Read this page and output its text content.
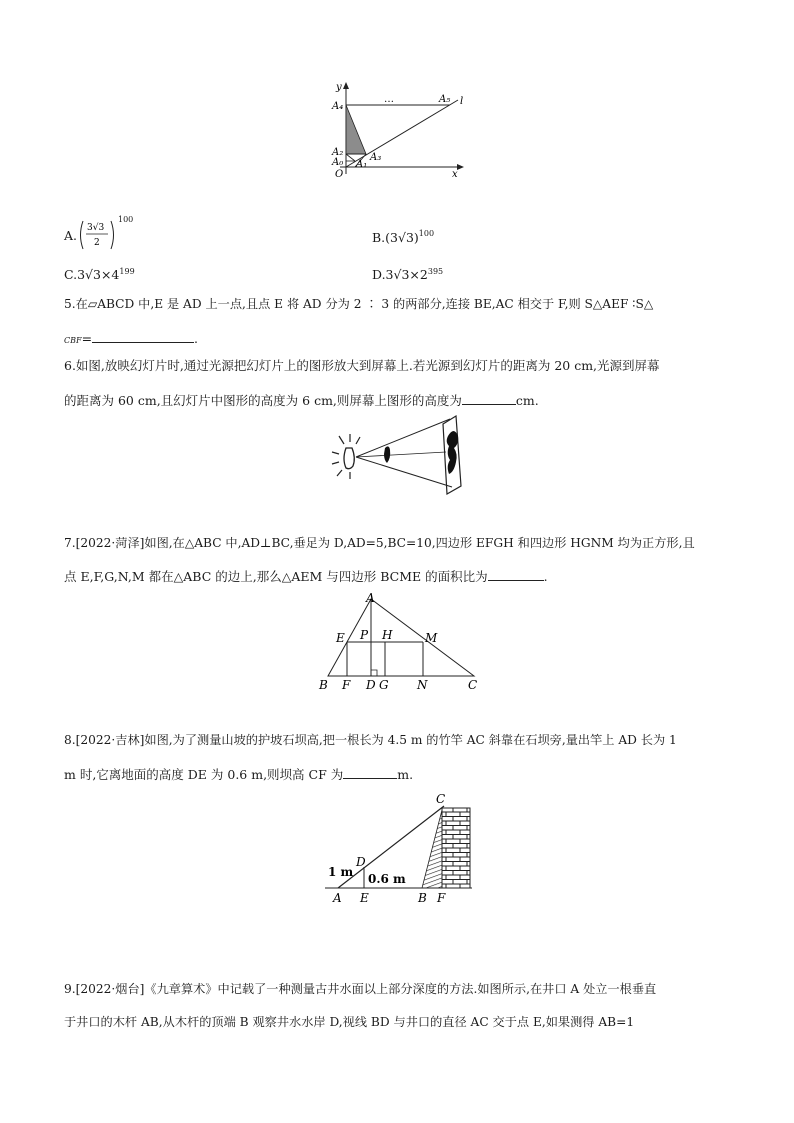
y
A₄
…	A₅ l
A₂
A₀	A₃
A₁
O	x
A. 3√3
2
100
$B.(3√3)^{100}$
$C.3√3\times 4^{199}$	$D.3√3\times 2^{395}$
5.在▱ABCD 中,E 是 AD 上一点,且点 E 将 AD 分为 2 ∶ 3 的两部分,连接 BE,AC 相交于 F,则 S△AEF ∶S△
CBF=	.
6.如图,放映幻灯片时,通过光源把幻灯片上的图形放大到屏幕上.若光源到幻灯片的距离为 20 cm,光源到屏幕
的距离为 60 cm,且幻灯片中图形的高度为 6 cm,则屏幕上图形的高度为	cm.
7.[2022·菏泽]如图,在△ABC 中,AD⊥BC,垂足为 D,AD=5,BC=10,四边形 EFGH 和四边形 HGNM 均为正方形,且
点 E,F,G,N,M 都在△ABC 的边上,那么△AEM 与四边形 BCME 的面积比为	.
A
E P H	M
B F D G N	C
8.[2022·吉林]如图,为了测量山坡的护坡石坝高,把一根长为 4.5 m 的竹竿 AC 斜靠在石坝旁,量出竿上 AD 长为 1
m 时,它离地面的高度 DE 为 0.6 m,则坝高 CF 为	m.
C
D
1 m 0.6 m
A E	B F
9.[2022·烟台]《九章算术》中记载了一种测量古井水面以上部分深度的方法.如图所示,在井口 A 处立一根垂直
于井口的木杆 AB,从木杆的顶端 B 观察井水水岸 D,视线 BD 与井口的直径 AC 交于点 E,如果测得 AB=1
